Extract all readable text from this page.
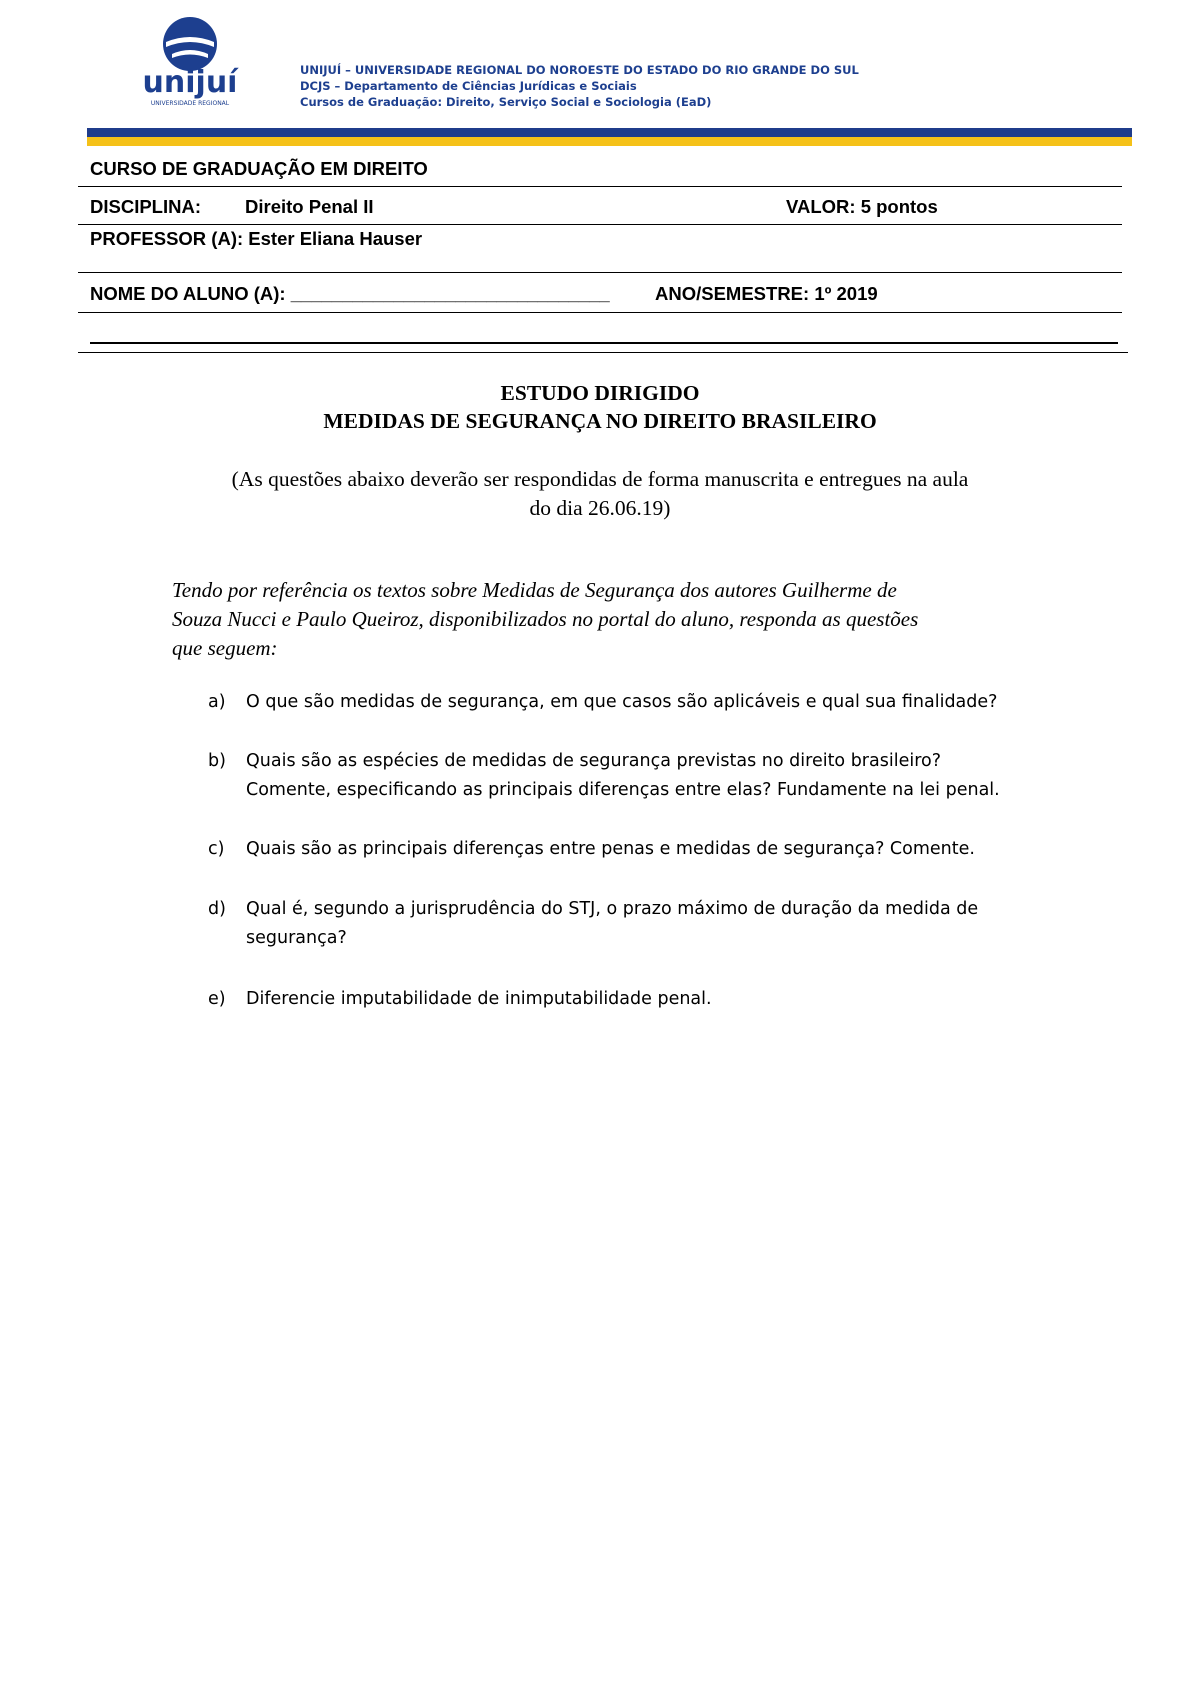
unijuí
UNIVERSIDADE REGIONAL
UNIJUÍ – UNIVERSIDADE REGIONAL DO NOROESTE DO ESTADO DO RIO GRANDE DO SUL
DCJS – Departamento de Ciências Jurídicas e Sociais
Cursos de Graduação: Direito, Serviço Social e Sociologia (EaD)
CURSO DE GRADUAÇÃO EM DIREITO
DISCIPLINA: Direito Penal II	VALOR: 5 pontos
PROFESSOR (A): Ester Eliana Hauser
NOME DO ALUNO (A): _______________________________ ANO/SEMESTRE: 1º 2019
ESTUDO DIRIGIDO
MEDIDAS DE SEGURANÇA NO DIREITO BRASILEIRO
(As questões abaixo deverão ser respondidas de forma manuscrita e entregues na aula
do dia 26.06.19)
Tendo por referência os textos sobre Medidas de Segurança dos autores Guilherme de
Souza Nucci e Paulo Queiroz, disponibilizados no portal do aluno, responda as questões
que seguem:
a)	O que são medidas de segurança, em que casos são aplicáveis e qual sua finalidade?
b)	Quais são as espécies de medidas de segurança previstas no direito brasileiro?
Comente, especificando as principais diferenças entre elas? Fundamente na lei penal.
c)	Quais são as principais diferenças entre penas e medidas de segurança? Comente.
d)	Qual é, segundo a jurisprudência do STJ, o prazo máximo de duração da medida de
segurança?
e)	Diferencie imputabilidade de inimputabilidade penal.
